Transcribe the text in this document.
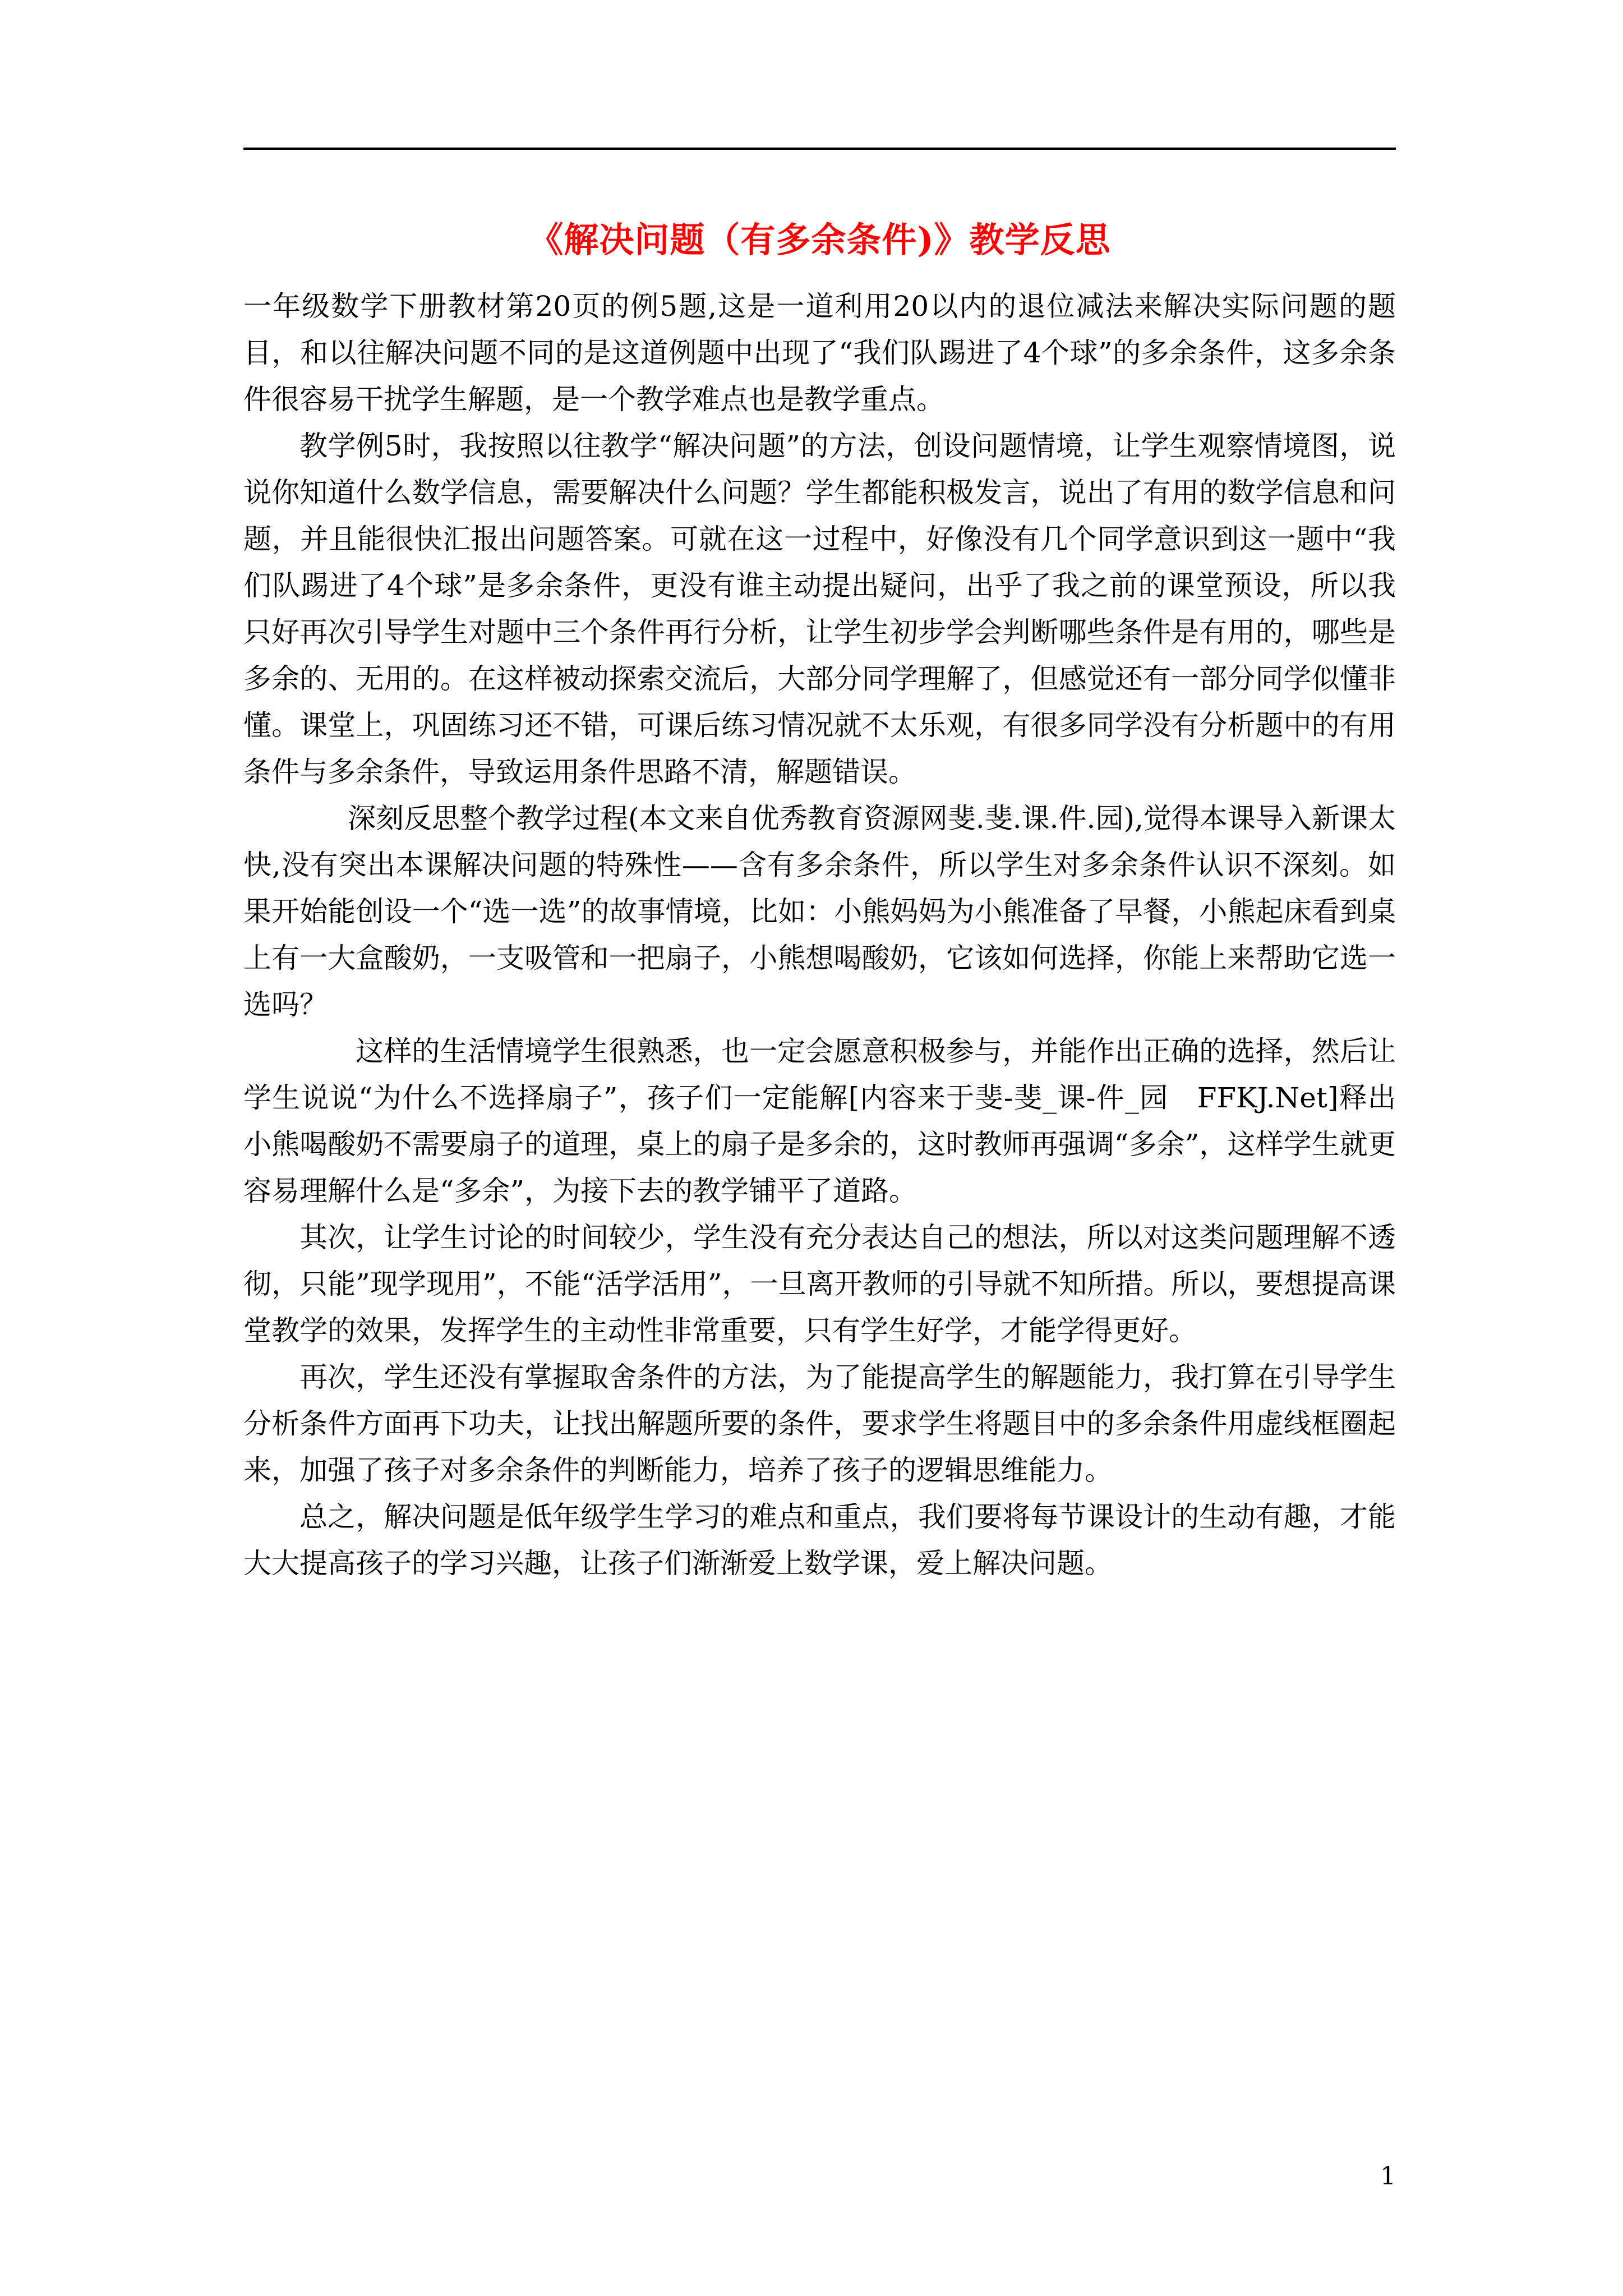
《解决问题（有多余条件)》教学反思

一年级数学下册教材第20页的例5题,这是一道利用20以内的退位减法来解决实际问题的题目，和以往解决问题不同的是这道例题中出现了“我们队踢进了4个球”的多余条件，这多余条件很容易干扰学生解题，是一个教学难点也是教学重点。

教学例5时，我按照以往教学“解决问题”的方法，创设问题情境，让学生观察情境图，说说你知道什么数学信息，需要解决什么问题？学生都能积极发言，说出了有用的数学信息和问题，并且能很快汇报出问题答案。可就在这一过程中，好像没有几个同学意识到这一题中“我们队踢进了4个球”是多余条件，更没有谁主动提出疑问，出乎了我之前的课堂预设，所以我只好再次引导学生对题中三个条件再行分析，让学生初步学会判断哪些条件是有用的，哪些是多余的、无用的。在这样被动探索交流后，大部分同学理解了，但感觉还有一部分同学似懂非懂。课堂上，巩固练习还不错，可课后练习情况就不太乐观，有很多同学没有分析题中的有用条件与多余条件，导致运用条件思路不清，解题错误。

深刻反思整个教学过程(本文来自优秀教育资源网斐.斐.课.件.园),觉得本课导入新课太快,没有突出本课解决问题的特殊性——含有多余条件，所以学生对多余条件认识不深刻。如果开始能创设一个“选一选”的故事情境，比如：小熊妈妈为小熊准备了早餐，小熊起床看到桌上有一大盒酸奶，一支吸管和一把扇子，小熊想喝酸奶，它该如何选择，你能上来帮助它选一选吗？

这样的生活情境学生很熟悉，也一定会愿意积极参与，并能作出正确的选择，然后让学生说说“为什么不选择扇子”，孩子们一定能解[内容来于斐-斐_课-件_园　FFKJ.Net]释出小熊喝酸奶不需要扇子的道理，桌上的扇子是多余的，这时教师再强调“多余”，这样学生就更容易理解什么是“多余”，为接下去的教学铺平了道路。

其次，让学生讨论的时间较少，学生没有充分表达自己的想法，所以对这类问题理解不透彻，只能”现学现用”，不能“活学活用”，一旦离开教师的引导就不知所措。所以，要想提高课堂教学的效果，发挥学生的主动性非常重要，只有学生好学，才能学得更好。

再次，学生还没有掌握取舍条件的方法，为了能提高学生的解题能力，我打算在引导学生分析条件方面再下功夫，让找出解题所要的条件，要求学生将题目中的多余条件用虚线框圈起来，加强了孩子对多余条件的判断能力，培养了孩子的逻辑思维能力。

总之，解决问题是低年级学生学习的难点和重点，我们要将每节课设计的生动有趣，才能大大提高孩子的学习兴趣，让孩子们渐渐爱上数学课，爱上解决问题。

1
